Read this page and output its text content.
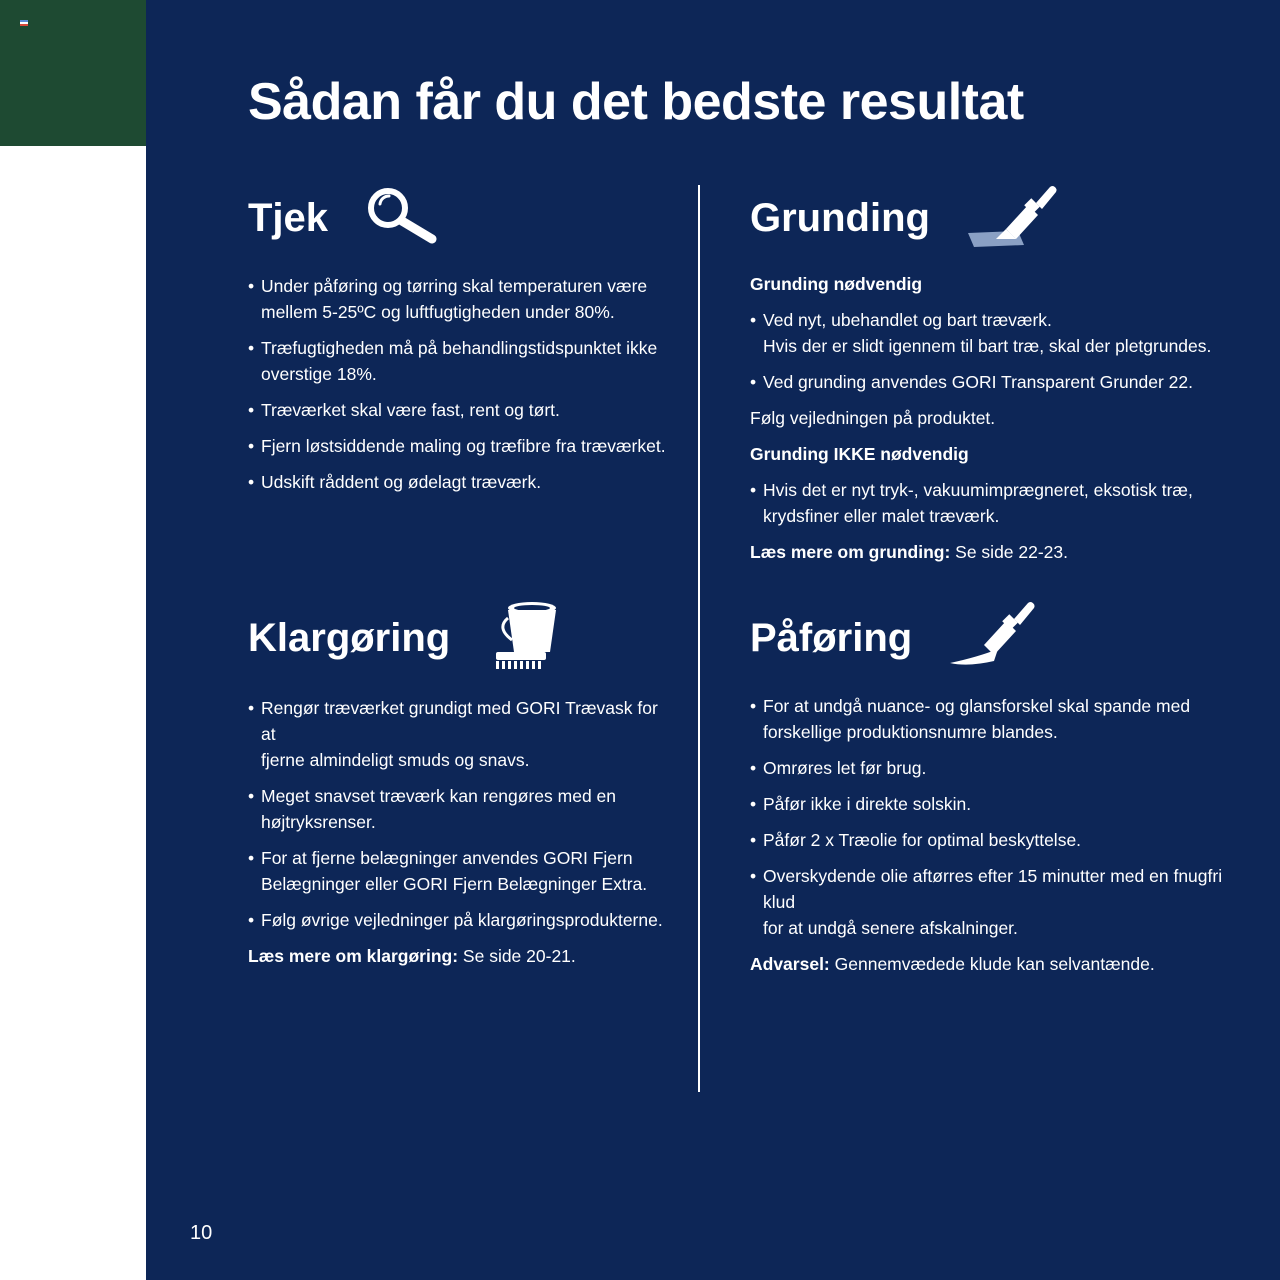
Sådan får du det bedste resultat
Tjek
• Under påføring og tørring skal temperaturen være
mellem 5-25ºC og luftfugtigheden under 80%.
• Træfugtigheden må på behandlingstidspunktet ikke
overstige 18%.
• Træværket skal være fast, rent og tørt.
• Fjern løstsiddende maling og træfibre fra træværket.
• Udskift råddent og ødelagt træværk.
Grunding

Grunding nødvendig

• Ved nyt, ubehandlet og bart træværk.
Hvis der er slidt igennem til bart træ, skal der pletgrundes.
• Ved grunding anvendes GORI Transparent Grunder 22.

Følg vejledningen på produktet.

Grunding IKKE nødvendig

• Hvis det er nyt tryk-, vakuumimprægneret, eksotisk træ,
krydsfiner eller malet træværk.

Læs mere om grunding: Se side 22-23.

Klargøring
• Rengør træværket grundigt med GORI Trævask for at
fjerne almindeligt smuds og snavs.
• Meget snavset træværk kan rengøres med en
højtryksrenser.
• For at fjerne belægninger anvendes GORI Fjern
Belægninger eller GORI Fjern Belægninger Extra.
• Følg øvrige vejledninger på klargøringsprodukterne.

Læs mere om klargøring: Se side 20-21.

Påføring
• For at undgå nuance- og glansforskel skal spande med
forskellige produktionsnumre blandes.
• Omrøres let før brug.
• Påfør ikke i direkte solskin.
• Påfør 2 x Træolie for optimal beskyttelse.
• Overskydende olie aftørres efter 15 minutter med en fnugfri klud
for at undgå senere afskalninger.

Advarsel: Gennemvædede klude kan selvantænde.

10
